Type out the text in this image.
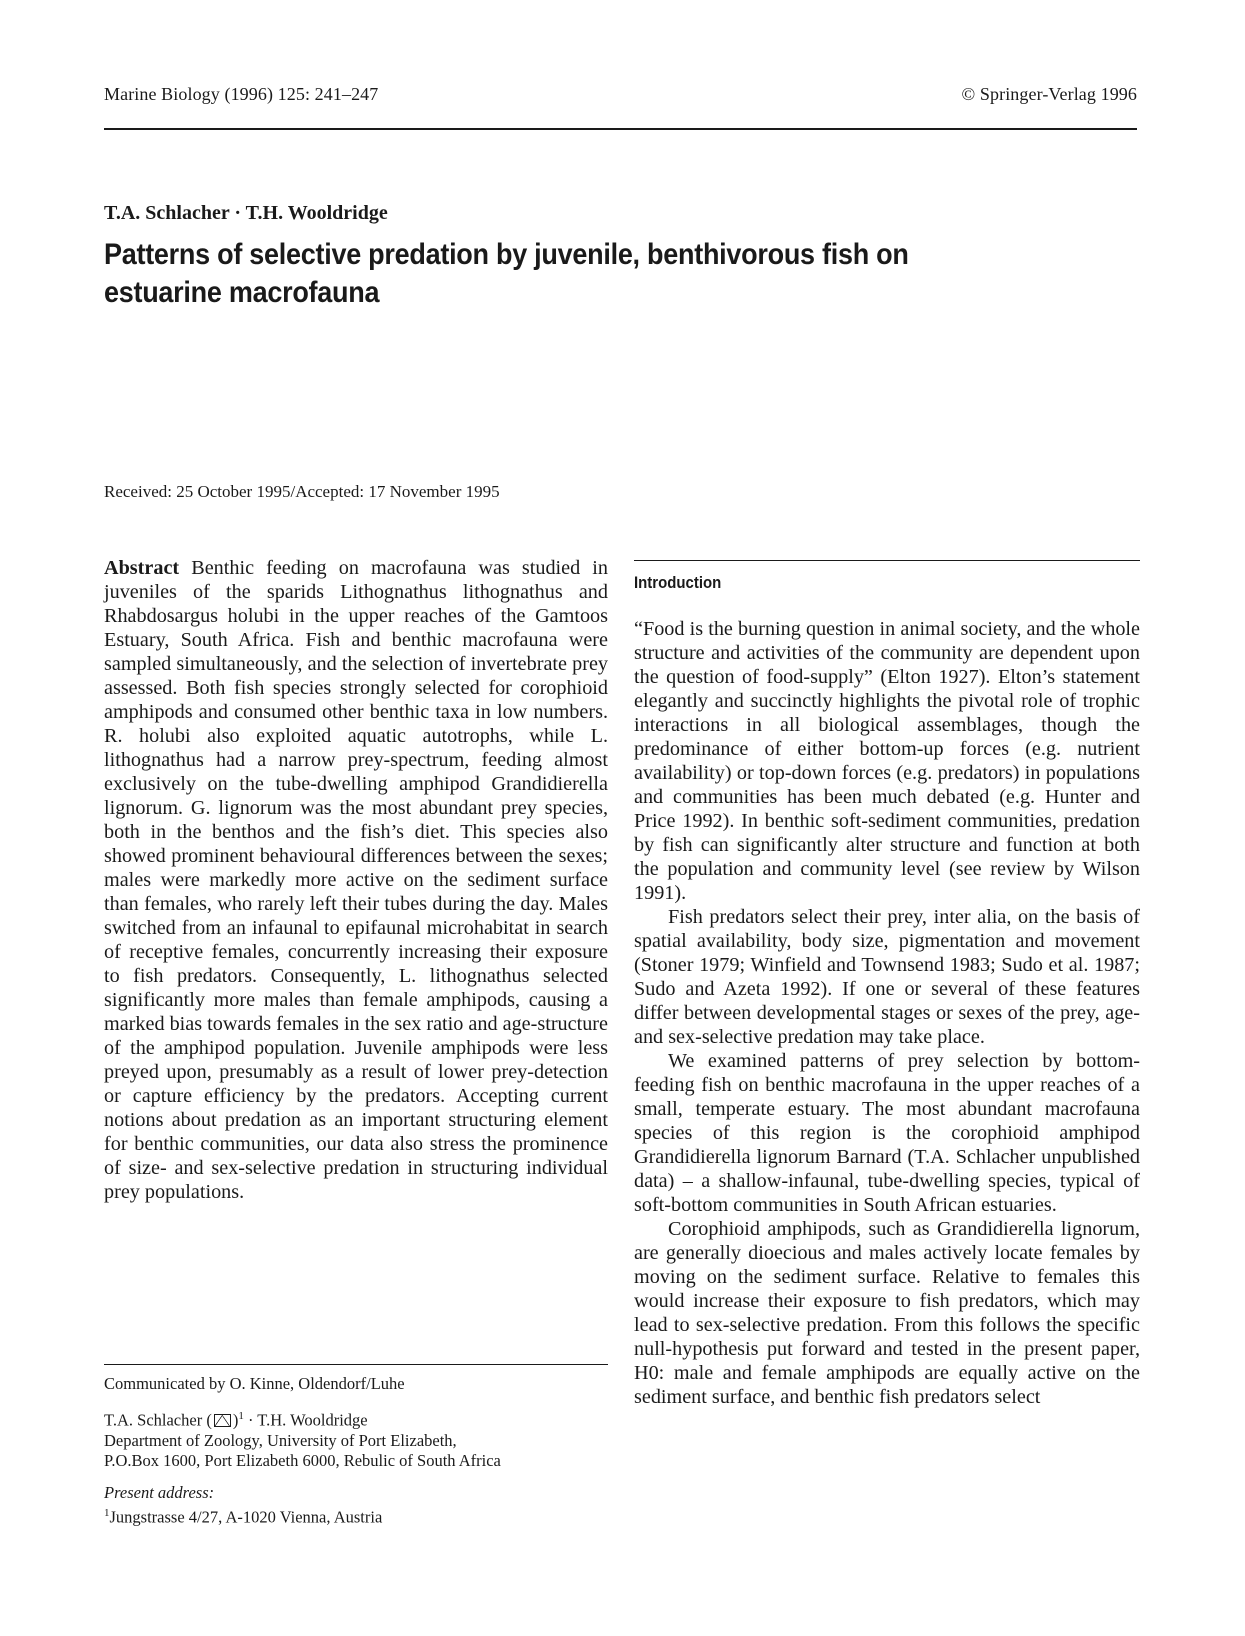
Marine Biology (1996) 125: 241–247	© Springer-Verlag 1996
T.A. Schlacher · T.H. Wooldridge
Patterns of selective predation by juvenile, benthivorous fish on estuarine macrofauna
Received: 25 October 1995/Accepted: 17 November 1995

Abstract Benthic feeding on macrofauna was studied in juveniles of the sparids Lithognathus lithognathus and Rhabdosargus holubi in the upper reaches of the Gamtoos Estuary, South Africa. Fish and benthic macrofauna were sampled simultaneously, and the selection of invertebrate prey assessed. Both fish species strongly selected for corophioid amphipods and consumed other benthic taxa in low numbers. R. holubi also exploited aquatic autotrophs, while L. lithognathus had a narrow prey-spectrum, feeding almost exclusively on the tube-dwelling amphipod Grandidierella lignorum. G. lignorum was the most abundant prey species, both in the benthos and the fish’s diet. This species also showed prominent behavioural differences between the sexes; males were markedly more active on the sediment surface than females, who rarely left their tubes during the day. Males switched from an infaunal to epifaunal microhabitat in search of receptive females, concurrently increasing their exposure to fish predators. Consequently, L. lithognathus selected significantly more males than female amphipods, causing a marked bias towards females in the sex ratio and age-structure of the amphipod population. Juvenile amphipods were less preyed upon, presumably as a result of lower prey-detection or capture efficiency by the predators. Accepting current notions about predation as an important structuring element for benthic communities, our data also stress the prominence of size- and sex-selective predation in structuring individual prey populations.

Communicated by O. Kinne, Oldendorf/Luhe

T.A. Schlacher ( )$^1$ · T.H. Wooldridge

Department of Zoology, University of Port Elizabeth,

P.O.Box 1600, Port Elizabeth 6000, Rebulic of South Africa

Present address:

$^1$Jungstrasse 4/27, A-1020 Vienna, Austria

Introduction

“Food is the burning question in animal society, and the whole structure and activities of the community are dependent upon the question of food-supply” (Elton 1927). Elton’s statement elegantly and succinctly highlights the pivotal role of trophic interactions in all biological assemblages, though the predominance of either bottom-up forces (e.g. nutrient availability) or top-down forces (e.g. predators) in populations and communities has been much debated (e.g. Hunter and Price 1992). In benthic soft-sediment communities, predation by fish can significantly alter structure and function at both the population and community level (see review by Wilson 1991).

Fish predators select their prey, inter alia, on the basis of spatial availability, body size, pigmentation and movement (Stoner 1979; Winfield and Townsend 1983; Sudo et al. 1987; Sudo and Azeta 1992). If one or several of these features differ between developmental stages or sexes of the prey, age- and sex-selective predation may take place.

We examined patterns of prey selection by bottom-feeding fish on benthic macrofauna in the upper reaches of a small, temperate estuary. The most abundant macrofauna species of this region is the corophioid amphipod Grandidierella lignorum Barnard (T.A. Schlacher unpublished data) – a shallow-infaunal, tube-dwelling species, typical of soft-bottom communities in South African estuaries.

Corophioid amphipods, such as Grandidierella lignorum, are generally dioecious and males actively locate females by moving on the sediment surface. Relative to females this would increase their exposure to fish predators, which may lead to sex-selective predation. From this follows the specific null-hypothesis put forward and tested in the present paper, H0: male and female amphipods are equally active on the sediment surface, and benthic fish predators select
